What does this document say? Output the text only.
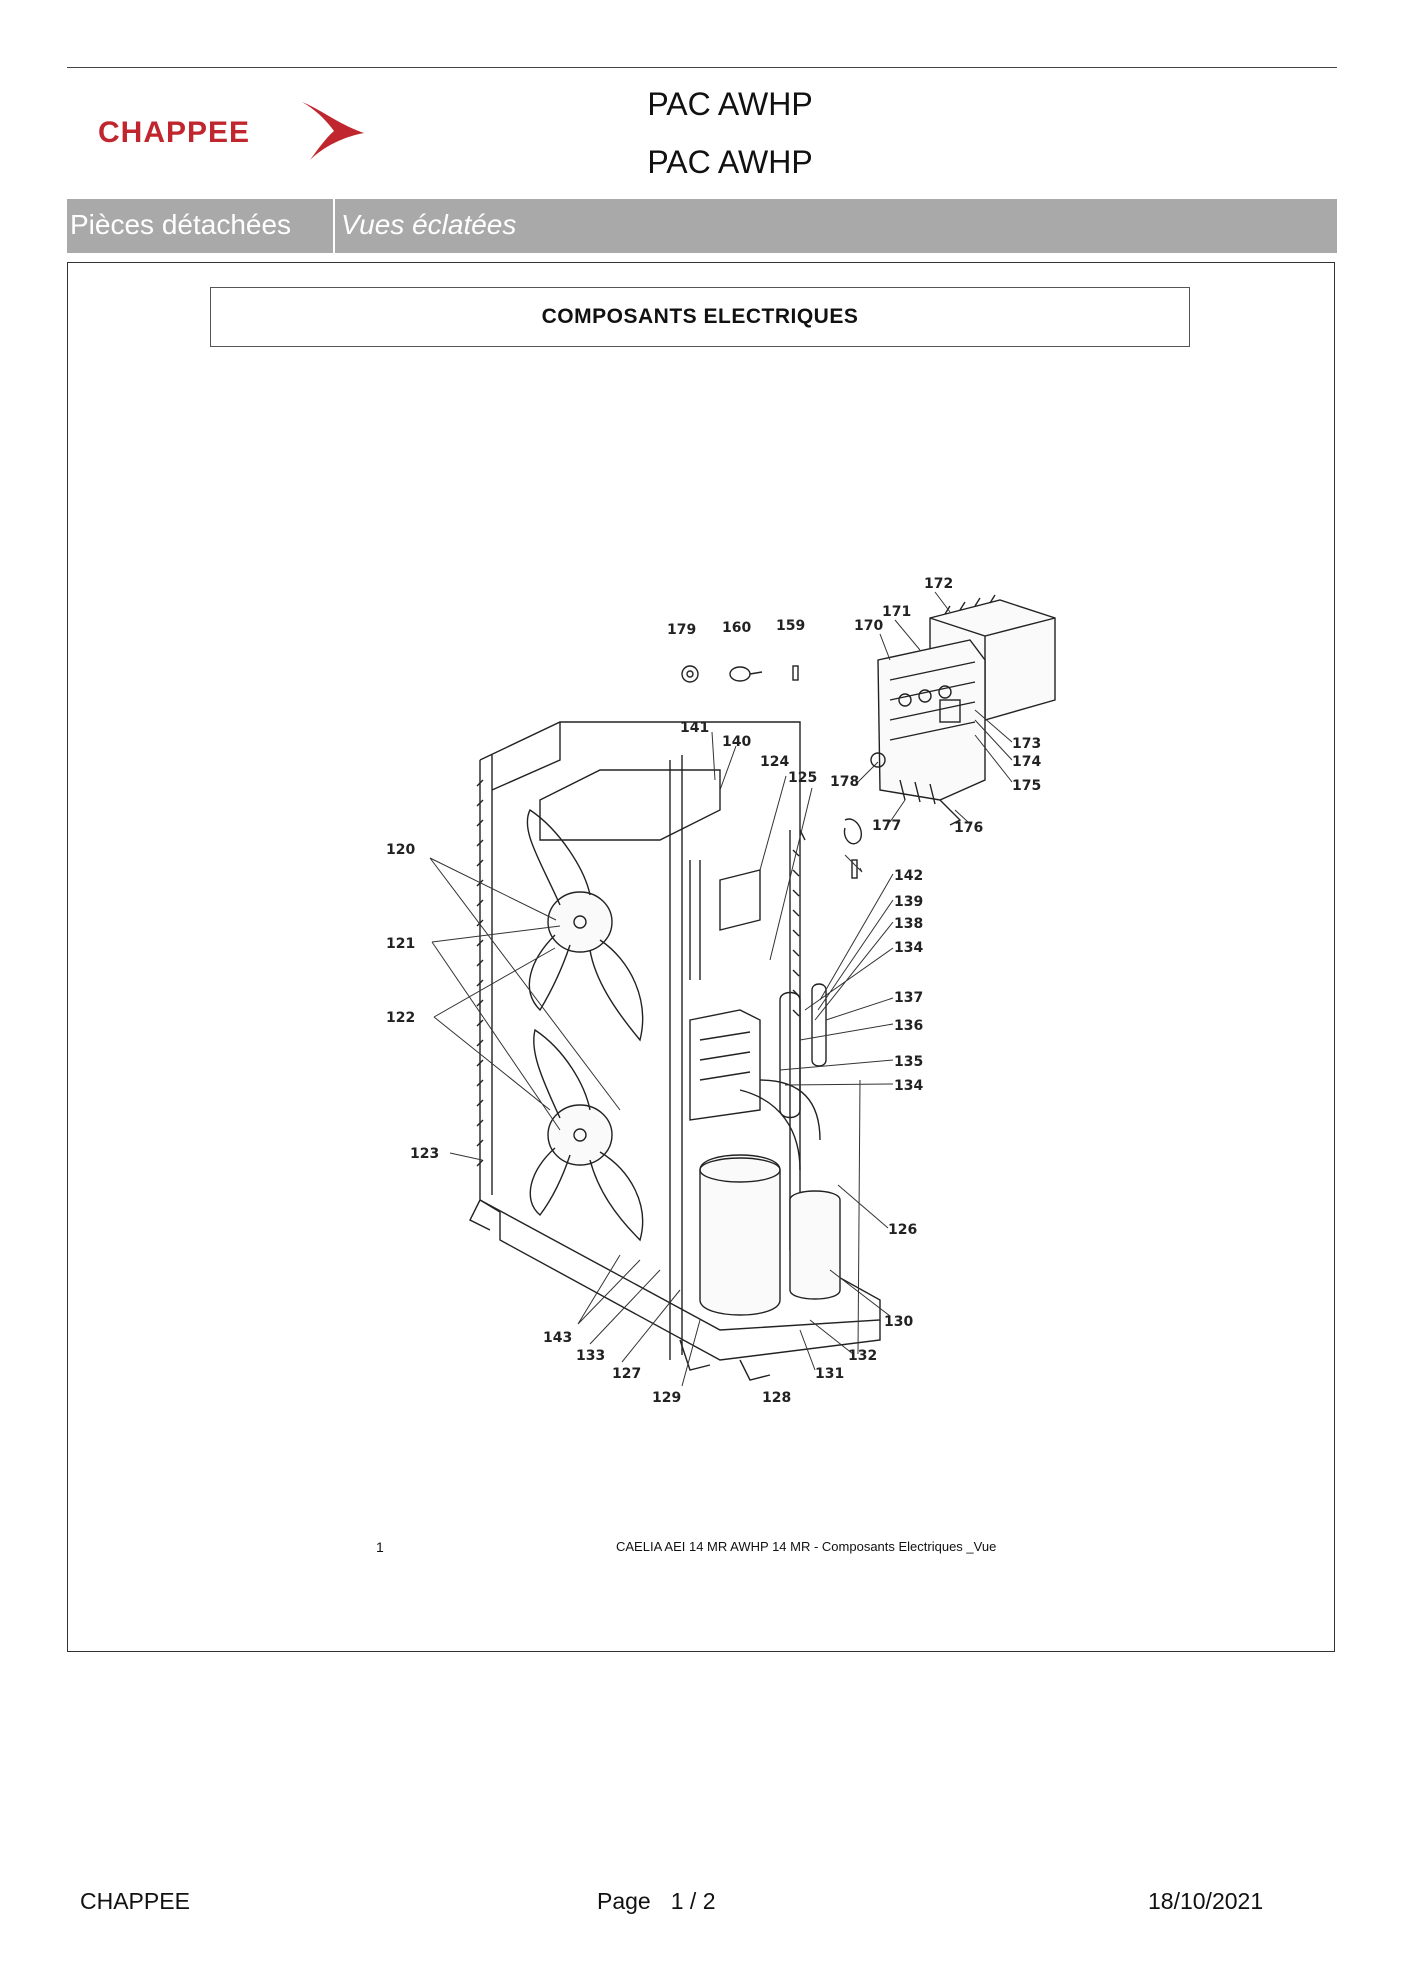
CHAPPEE
PAC AWHP
PAC AWHP
Pièces détachées Vues éclatées
COMPOSANTS ELECTRIQUES
172
171
170
179 160 159
141
140
124
125 178
173
174
175
177	176
142
120
121
122
139
138
134
137
136
135
134
123
126
130
143
133
127
132
131
129	128
1	CAELIA AEI 14 MR AWHP 14 MR - Composants Electriques _Vue
CHAPPEE	Page 1 / 2	18/10/2021
